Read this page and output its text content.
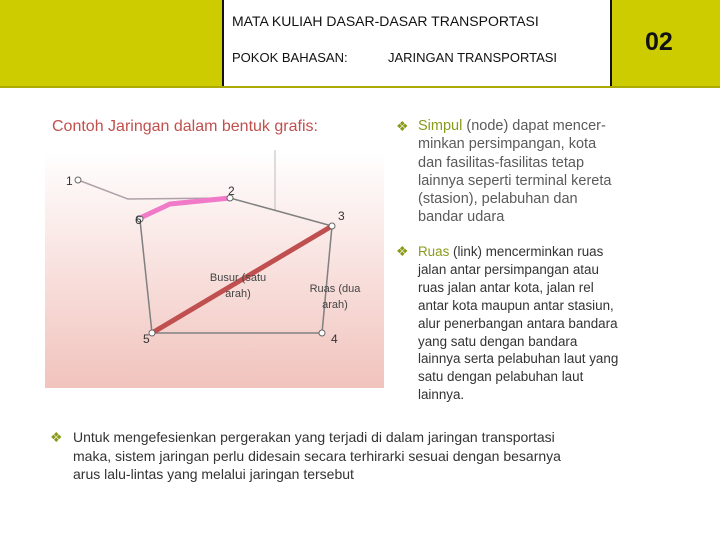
MATA KULIAH DASAR-DASAR TRANSPORTASI
POKOK BAHASAN:	JARINGAN TRANSPORTASI
02
Contoh Jaringan dalam bentuk grafis:
1
2
3
4
5
6
Busur (satu
arah)	Ruas (dua
arah)
❖ Simpul (node) dapat mencer-
minkan persimpangan, kota
dan fasilitas-fasilitas tetap
lainnya seperti terminal kereta
(stasion), pelabuhan dan
bandar udara
❖ Ruas (link) mencerminkan ruas
jalan antar persimpangan atau
ruas jalan antar kota, jalan rel
antar kota maupun antar stasiun,
alur penerbangan antara bandara
yang satu dengan bandara
lainnya serta pelabuhan laut yang
satu dengan pelabuhan laut
lainnya.
❖ Untuk mengefesienkan pergerakan yang terjadi di dalam jaringan transportasi
maka, sistem jaringan perlu didesain secara terhirarki sesuai dengan besarnya
arus lalu-lintas yang melalui jaringan tersebut
